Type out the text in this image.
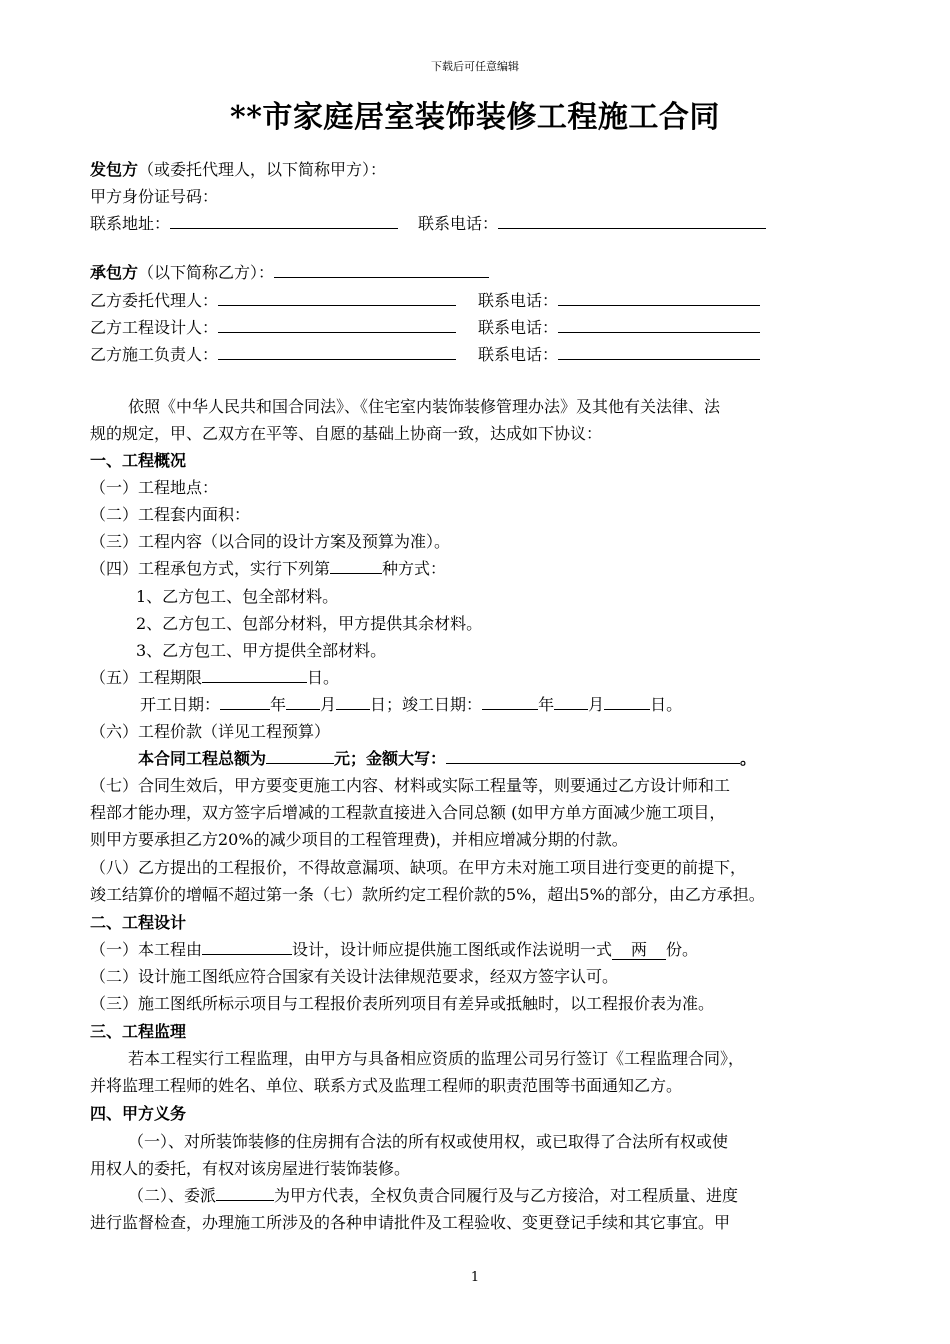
下载后可任意编辑
**市家庭居室装饰装修工程施工合同
发包方（或委托代理人，以下简称甲方）：
甲方身份证号码：
联系地址：	联系电话：
承包方（以下简称乙方）：
乙方委托代理人：	联系电话：
乙方工程设计人：	联系电话：
乙方施工负责人：	联系电话：
依照《中华人民共和国合同法》、《住宅室内装饰装修管理办法》及其他有关法律、法
规的规定，甲、乙双方在平等、自愿的基础上协商一致，达成如下协议：
一、工程概况
（一）工程地点：
（二）工程套内面积：
（三）工程内容（以合同的设计方案及预算为准）。
（四）工程承包方式，实行下列第	种方式：
1、乙方包工、包全部材料。
2、乙方包工、包部分材料，甲方提供其余材料。
3、乙方包工、甲方提供全部材料。
（五）工程期限	日。
开工日期：	年 月 日；竣工日期：	年 月	日。
（六）工程价款（详见工程预算）
本合同工程总额为	元；金额大写：	。
（七）合同生效后，甲方要变更施工内容、材料或实际工程量等，则要通过乙方设计师和工
程部才能办理，双方签字后增减的工程款直接进入合同总额 (如甲方单方面减少施工项目，
则甲方要承担乙方20%的减少项目的工程管理费)，并相应增减分期的付款。
（八）乙方提出的工程报价，不得故意漏项、缺项。在甲方未对施工项目进行变更的前提下，
竣工结算价的增幅不超过第一条（七）款所约定工程价款的5%，超出5%的部分，由乙方承担。
二、工程设计
（一）本工程由	设计，设计师应提供施工图纸或作法说明一式 两 份。
（二）设计施工图纸应符合国家有关设计法律规范要求，经双方签字认可。
（三）施工图纸所标示项目与工程报价表所列项目有差异或抵触时，以工程报价表为准。
三、工程监理
若本工程实行工程监理，由甲方与具备相应资质的监理公司另行签订《工程监理合同》，
并将监理工程师的姓名、单位、联系方式及监理工程师的职责范围等书面通知乙方。
四、甲方义务
（一）、对所装饰装修的住房拥有合法的所有权或使用权，或已取得了合法所有权或使
用权人的委托，有权对该房屋进行装饰装修。
（二）、委派	为甲方代表，全权负责合同履行及与乙方接洽，对工程质量、进度
进行监督检查，办理施工所涉及的各种申请批件及工程验收、变更登记手续和其它事宜。甲
1
